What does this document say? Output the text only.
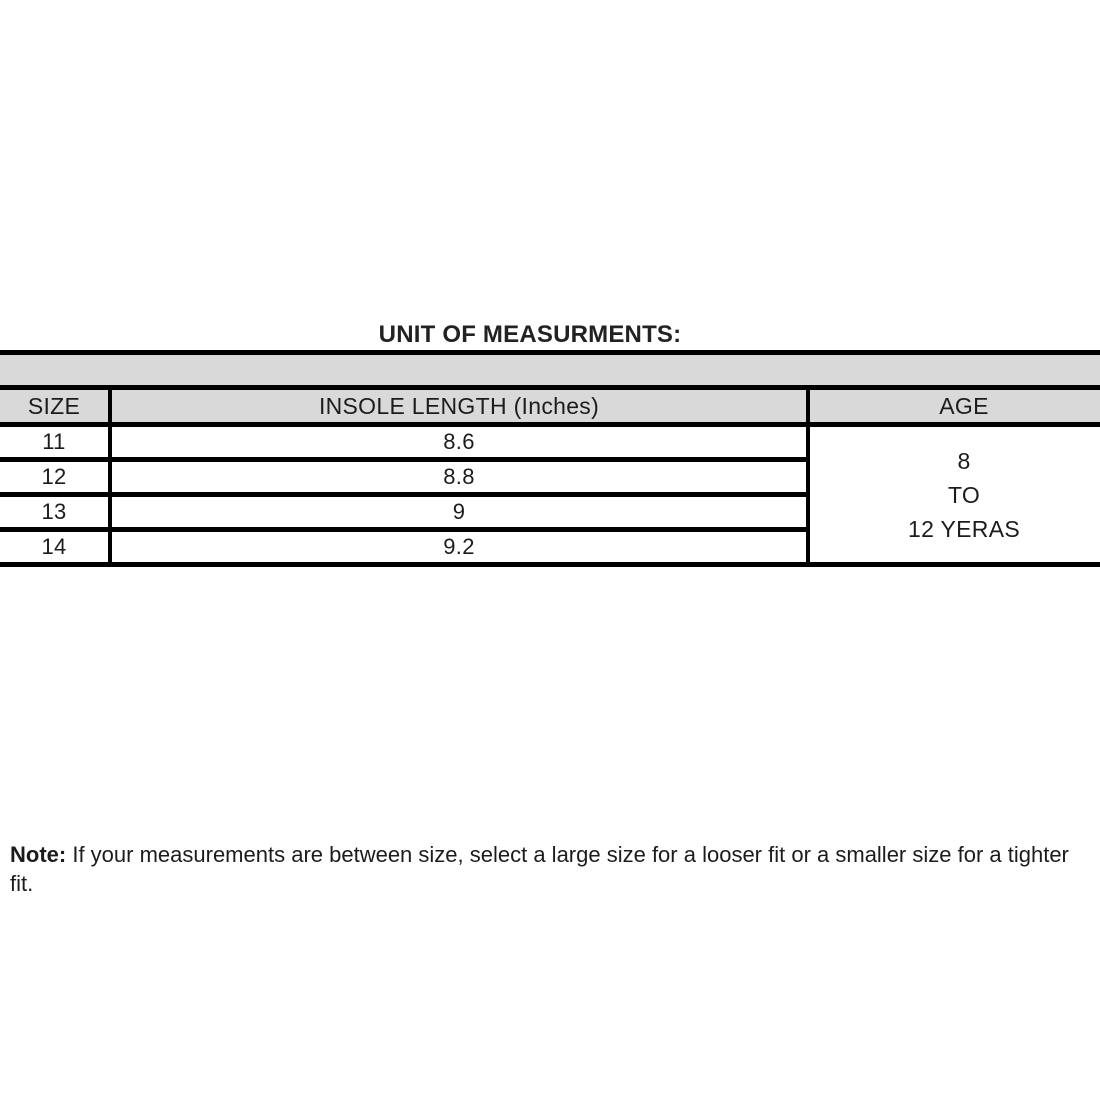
UNIT OF MEASURMENTS:

SIZE	INSOLE LENGTH (Inches)	AGE
11	8.6	8
TO
12 YERAS

12	8.8	
13	9	
14	9.2	

Note: If your measurements are between size, select a large size for a looser fit or a smaller size for a tighter fit.
